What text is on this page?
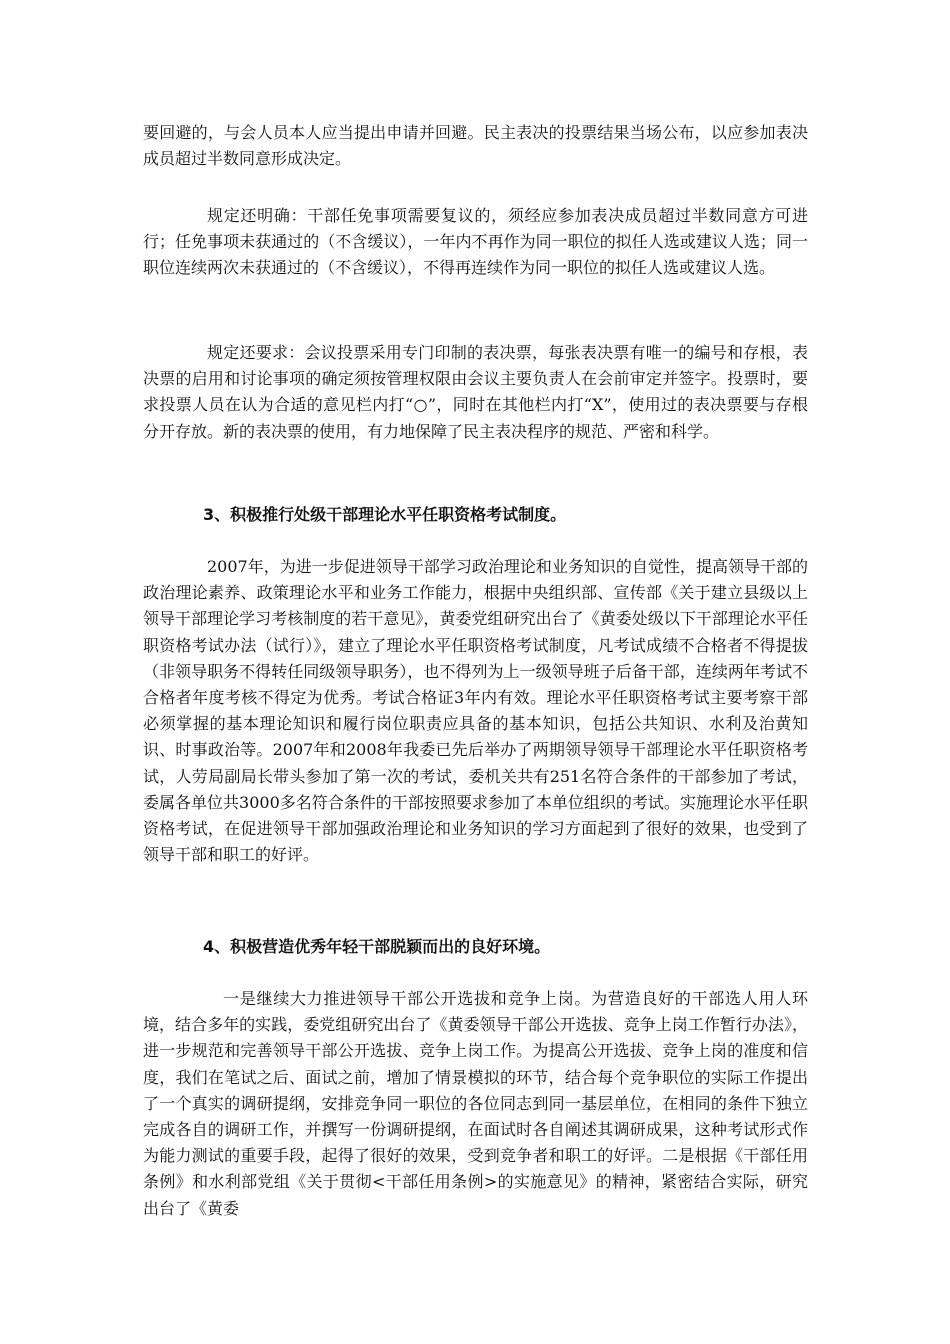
要回避的，与会人员本人应当提出申请并回避。民主表决的投票结果当场公布，以应参加表决成员超过半数同意形成决定。

规定还明确：干部任免事项需要复议的，须经应参加表决成员超过半数同意方可进行；任免事项未获通过的（不含缓议），一年内不再作为同一职位的拟任人选或建议人选；同一职位连续两次未获通过的（不含缓议），不得再连续作为同一职位的拟任人选或建议人选。

规定还要求：会议投票采用专门印制的表决票，每张表决票有唯一的编号和存根，表决票的启用和讨论事项的确定须按管理权限由会议主要负责人在会前审定并签字。投票时，要求投票人员在认为合适的意见栏内打“○”，同时在其他栏内打“X”，使用过的表决票要与存根分开存放。新的表决票的使用，有力地保障了民主表决程序的规范、严密和科学。

3、积极推行处级干部理论水平任职资格考试制度。

2007年，为进一步促进领导干部学习政治理论和业务知识的自觉性，提高领导干部的政治理论素养、政策理论水平和业务工作能力，根据中央组织部、宣传部《关于建立县级以上领导干部理论学习考核制度的若干意见》，黄委党组研究出台了《黄委处级以下干部理论水平任职资格考试办法（试行）》，建立了理论水平任职资格考试制度，凡考试成绩不合格者不得提拔（非领导职务不得转任同级领导职务），也不得列为上一级领导班子后备干部，连续两年考试不合格者年度考核不得定为优秀。考试合格证3年内有效。理论水平任职资格考试主要考察干部必须掌握的基本理论知识和履行岗位职责应具备的基本知识，包括公共知识、水利及治黄知识、时事政治等。2007年和2008年我委已先后举办了两期领导领导干部理论水平任职资格考试，人劳局副局长带头参加了第一次的考试，委机关共有251名符合条件的干部参加了考试，委属各单位共3000多名符合条件的干部按照要求参加了本单位组织的考试。实施理论水平任职资格考试，在促进领导干部加强政治理论和业务知识的学习方面起到了很好的效果，也受到了领导干部和职工的好评。

4、积极营造优秀年轻干部脱颖而出的良好环境。

一是继续大力推进领导干部公开选拔和竞争上岗。为营造良好的干部选人用人环境，结合多年的实践，委党组研究出台了《黄委领导干部公开选拔、竞争上岗工作暂行办法》，进一步规范和完善领导干部公开选拔、竞争上岗工作。为提高公开选拔、竞争上岗的准度和信度，我们在笔试之后、面试之前，增加了情景模拟的环节，结合每个竞争职位的实际工作提出了一个真实的调研提纲，安排竞争同一职位的各位同志到同一基层单位，在相同的条件下独立完成各自的调研工作，并撰写一份调研提纲，在面试时各自阐述其调研成果，这种考试形式作为能力测试的重要手段，起得了很好的效果，受到竞争者和职工的好评。二是根据《干部任用条例》和水利部党组《关于贯彻<干部任用条例>的实施意见》的精神，紧密结合实际，研究出台了《黄委
